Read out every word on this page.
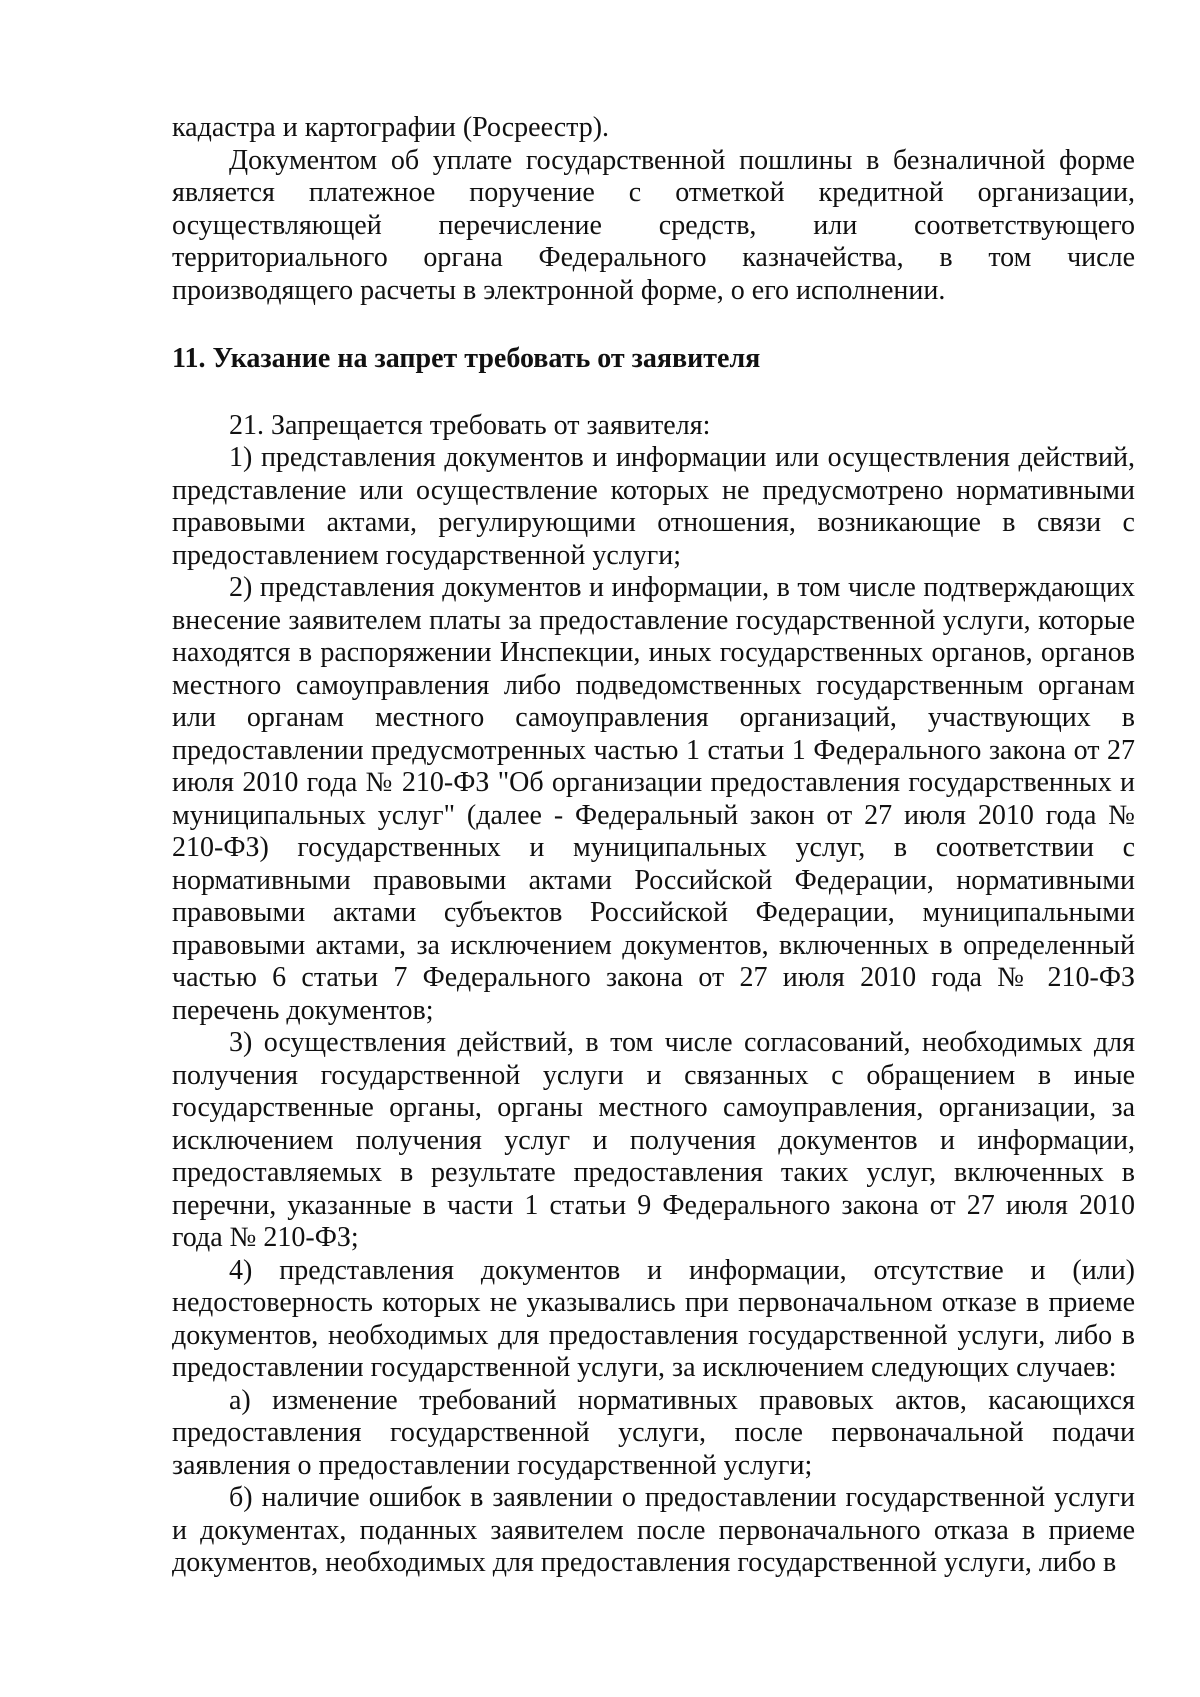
кадастра и картографии (Росреестр).

Документом об уплате государственной пошлины в безналичной форме является платежное поручение с отметкой кредитной организации, осуществляющей перечисление средств, или соответствующего территориального органа Федерального казначейства, в том числе производящего расчеты в электронной форме, о его исполнении.

11. Указание на запрет требовать от заявителя

21. Запрещается требовать от заявителя:

1) представления документов и информации или осуществления действий, представление или осуществление которых не предусмотрено нормативными правовыми актами, регулирующими отношения, возникающие в связи с предоставлением государственной услуги;

2) представления документов и информации, в том числе подтверждающих внесение заявителем платы за предоставление государственной услуги, которые находятся в распоряжении Инспекции, иных государственных органов, органов местного самоуправления либо подведомственных государственным органам или органам местного самоуправления организаций, участвующих в предоставлении предусмотренных частью 1 статьи 1 Федерального закона от 27 июля 2010 года № 210-ФЗ "Об организации предоставления государственных и муниципальных услуг" (далее - Федеральный закон от 27 июля 2010 года № 210-ФЗ) государственных и муниципальных услуг, в соответствии с нормативными правовыми актами Российской Федерации, нормативными правовыми актами субъектов Российской Федерации, муниципальными правовыми актами, за исключением документов, включенных в определенный частью 6 статьи 7 Федерального закона от 27 июля 2010 года № 210-ФЗ перечень документов;

3) осуществления действий, в том числе согласований, необходимых для получения государственной услуги и связанных с обращением в иные государственные органы, органы местного самоуправления, организации, за исключением получения услуг и получения документов и информации, предоставляемых в результате предоставления таких услуг, включенных в перечни, указанные в части 1 статьи 9 Федерального закона от 27 июля 2010 года № 210-ФЗ;

4) представления документов и информации, отсутствие и (или) недостоверность которых не указывались при первоначальном отказе в приеме документов, необходимых для предоставления государственной услуги, либо в предоставлении государственной услуги, за исключением следующих случаев:

а) изменение требований нормативных правовых актов, касающихся предоставления государственной услуги, после первоначальной подачи заявления о предоставлении государственной услуги;

б) наличие ошибок в заявлении о предоставлении государственной услуги и документах, поданных заявителем после первоначального отказа в приеме документов, необходимых для предоставления государственной услуги, либо в
